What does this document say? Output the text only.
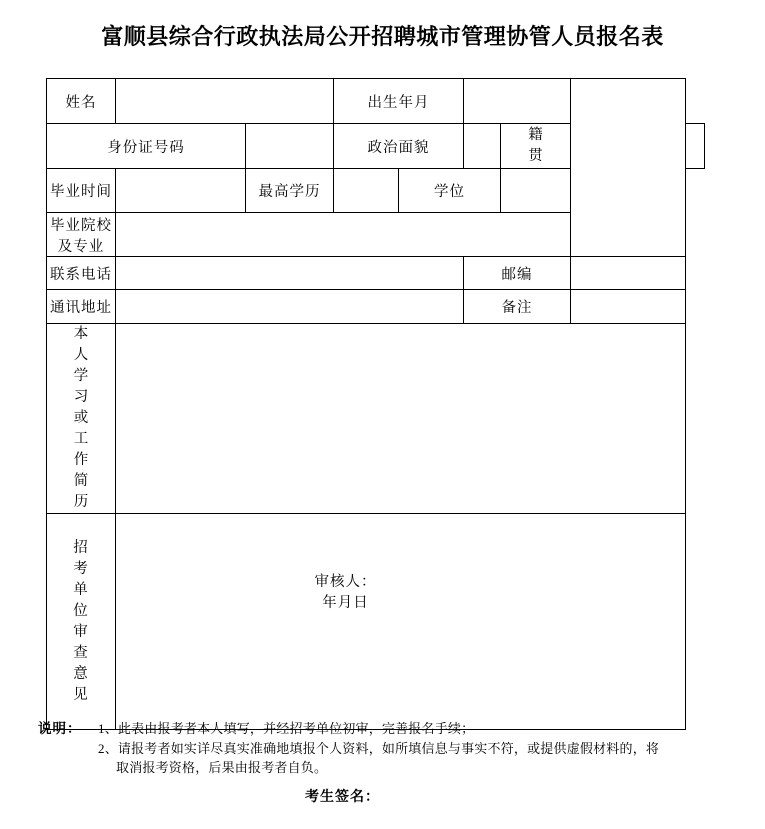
富顺县综合行政执法局公开招聘城市管理协管人员报名表
姓名			出生年月					
身份证号码			政治面貌			籍贯		
毕业时间		最高学历		学位				
毕业院校及专业								
联系电话					邮编			
通讯地址					备注			
本人学习或工作简历								
招考单位审查意见	审核人：
年月日							
说明： 1、此表由报考者本人填写，并经招考单位初审，完善报名手续；
2、请报考者如实详尽真实准确地填报个人资料，如所填信息与事实不符，或提供虚假材料的，将
取消报考资格，后果由报考者自负。
考生签名：
